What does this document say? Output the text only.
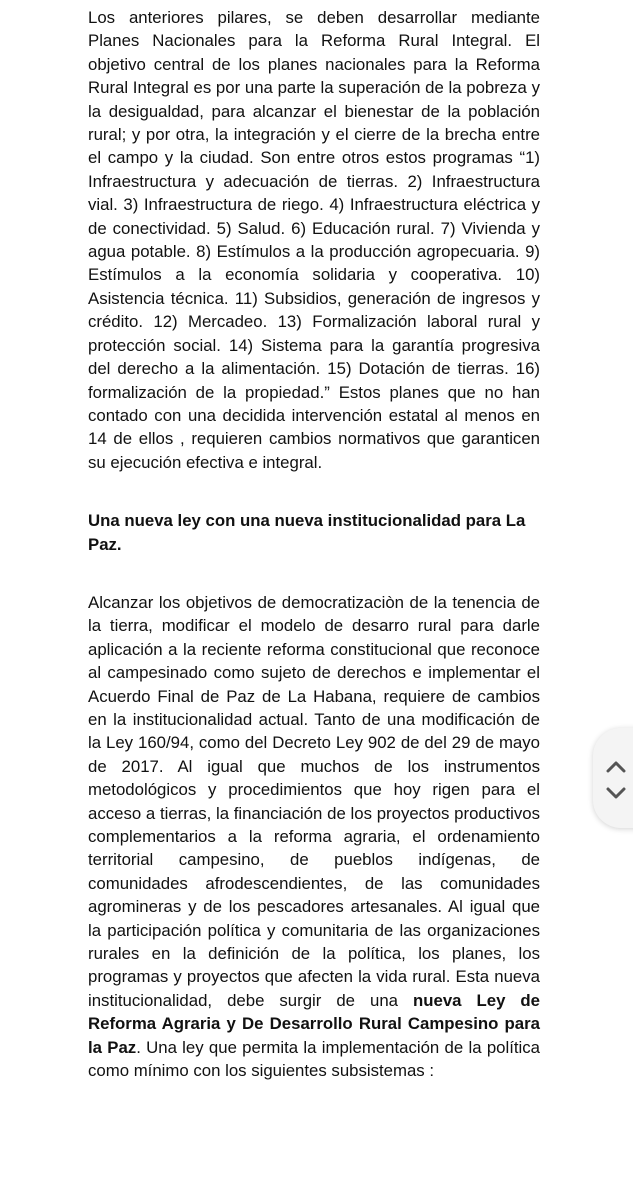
Los anteriores pilares, se deben desarrollar mediante Planes Nacionales para la Reforma Rural Integral. El objetivo central de los planes nacionales para la Reforma Rural Integral es por una parte la superación de la pobreza y la desigualdad, para alcanzar el bienestar de la población rural; y por otra, la integración y el cierre de la brecha entre el campo y la ciudad. Son entre otros estos programas “1) Infraestructura y adecuación de tierras. 2) Infraestructura vial. 3) Infraestructura de riego. 4) Infraestructura eléctrica y de conectividad. 5) Salud. 6) Educación rural. 7) Vivienda y agua potable. 8) Estímulos a la producción agropecuaria. 9) Estímulos a la economía solidaria y cooperativa. 10) Asistencia técnica. 11) Subsidios, generación de ingresos y crédito. 12) Mercadeo. 13) Formalización laboral rural y protección social. 14) Sistema para la garantía progresiva del derecho a la alimentación. 15) Dotación de tierras. 16) formalización de la propiedad.” Estos planes que no han contado con una decidida intervención estatal al menos en 14 de ellos , requieren cambios normativos que garanticen su ejecución efectiva e integral.

Una nueva ley con una nueva institucionalidad para La Paz.

Alcanzar los objetivos de democratizaciòn de la tenencia de la tierra, modificar el modelo de desarro rural para darle aplicación a la reciente reforma constitucional que reconoce al campesinado como sujeto de derechos e implementar el Acuerdo Final de Paz de La Habana, requiere de cambios en la institucionalidad actual. Tanto de una modificación de la Ley 160/94, como del Decreto Ley 902 de del 29 de mayo de 2017. Al igual que muchos de los instrumentos metodológicos y procedimientos que hoy rigen para el acceso a tierras, la financiación de los proyectos productivos complementarios a la reforma agraria, el ordenamiento territorial campesino, de pueblos indígenas, de comunidades afrodescendientes, de las comunidades agromineras y de los pescadores artesanales. Al igual que la participación política y comunitaria de las organizaciones rurales en la definición de la política, los planes, los programas y proyectos que afecten la vida rural. Esta nueva institucionalidad, debe surgir de una nueva Ley de Reforma Agraria y De Desarrollo Rural Campesino para la Paz. Una ley que permita la implementación de la política como mínimo con los siguientes subsistemas :
